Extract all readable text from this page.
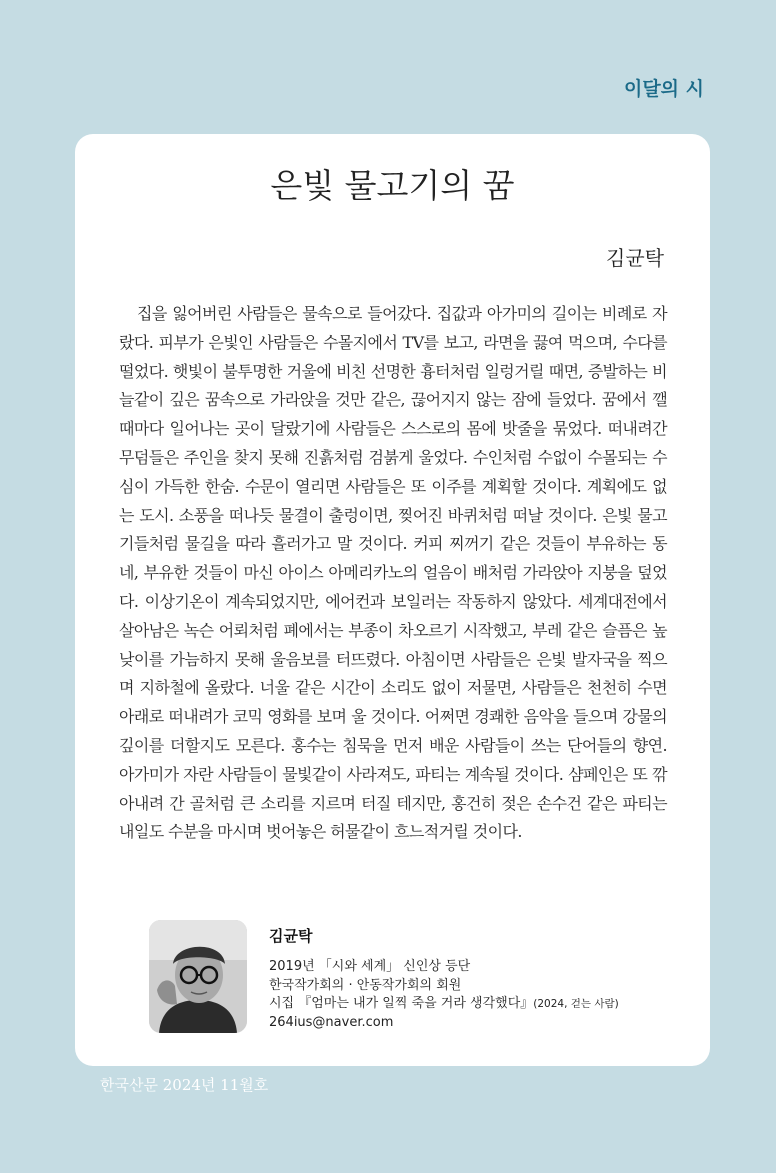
이달의 시
은빛 물고기의 꿈
김균탁

집을 잃어버린 사람들은 물속으로 들어갔다. 집값과 아가미의 길이는 비례로 자랐다. 피부가 은빛인 사람들은 수몰지에서 TV를 보고, 라면을 끓여 먹으며, 수다를 떨었다. 햇빛이 불투명한 거울에 비친 선명한 흉터처럼 일렁거릴 때면, 증발하는 비늘같이 깊은 꿈속으로 가라앉을 것만 같은, 끊어지지 않는 잠에 들었다. 꿈에서 깰 때마다 일어나는 곳이 달랐기에 사람들은 스스로의 몸에 밧줄을 묶었다. 떠내려간 무덤들은 주인을 찾지 못해 진흙처럼 검붉게 울었다. 수인처럼 수없이 수몰되는 수심이 가득한 한숨. 수문이 열리면 사람들은 또 이주를 계획할 것이다. 계획에도 없는 도시. 소풍을 떠나듯 물결이 출렁이면, 찢어진 바퀴처럼 떠날 것이다. 은빛 물고기들처럼 물길을 따라 흘러가고 말 것이다. 커피 찌꺼기 같은 것들이 부유하는 동네, 부유한 것들이 마신 아이스 아메리카노의 얼음이 배처럼 가라앉아 지붕을 덮었다. 이상기온이 계속되었지만, 에어컨과 보일러는 작동하지 않았다. 세계대전에서 살아남은 녹슨 어뢰처럼 폐에서는 부종이 차오르기 시작했고, 부레 같은 슬픔은 높낮이를 가늠하지 못해 울음보를 터뜨렸다. 아침이면 사람들은 은빛 발자국을 찍으며 지하철에 올랐다. 너울 같은 시간이 소리도 없이 저물면, 사람들은 천천히 수면 아래로 떠내려가 코믹 영화를 보며 울 것이다. 어쩌면 경쾌한 음악을 들으며 강물의 깊이를 더할지도 모른다. 홍수는 침묵을 먼저 배운 사람들이 쓰는 단어들의 향연. 아가미가 자란 사람들이 물빛같이 사라져도, 파티는 계속될 것이다. 샴페인은 또 깎아내려 간 골처럼 큰 소리를 지르며 터질 테지만, 홍건히 젖은 손수건 같은 파티는 내일도 수분을 마시며 벗어놓은 허물같이 흐느적거릴 것이다.

김균탁
2019년 「시와 세계」 신인상 등단
한국작가회의 · 안동작가회의 회원
시집 『엄마는 내가 일찍 죽을 거라 생각했다』(2024, 걷는 사람)
264ius@naver.com
한국산문 2024년 11월호
